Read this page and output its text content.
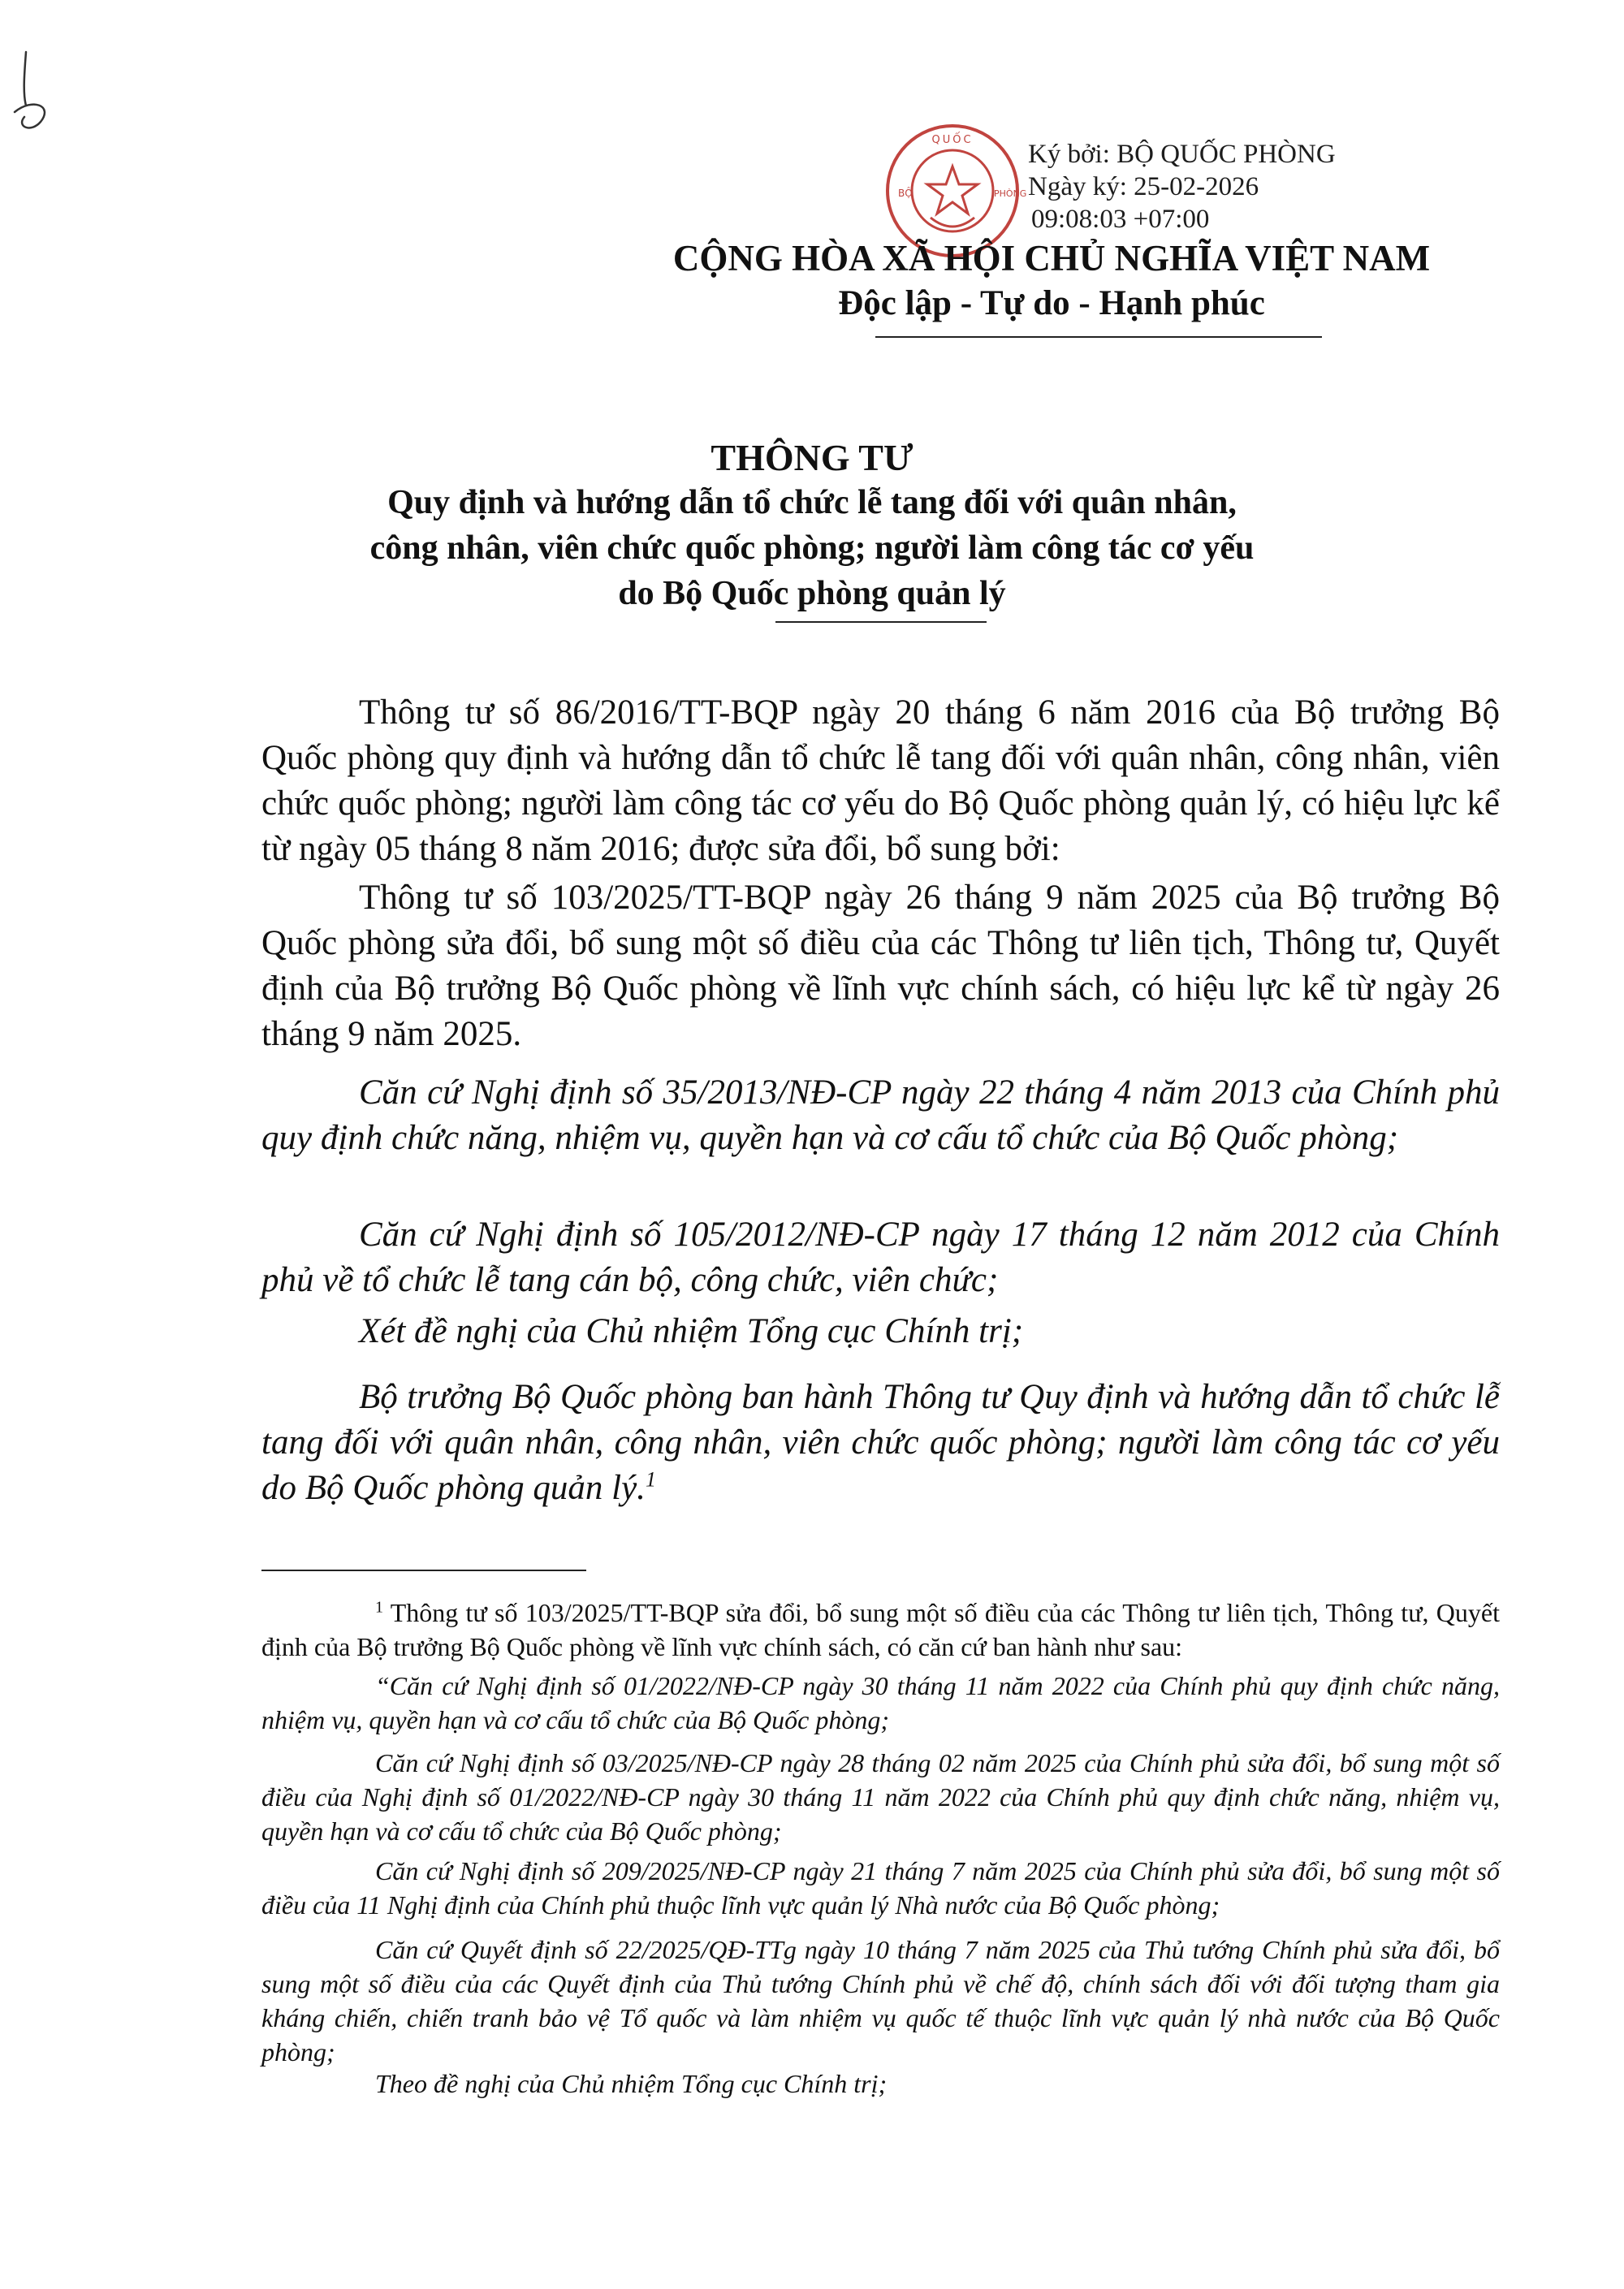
QUỐC
BỘ	PHÒNG
Ký bởi: BỘ QUỐC PHÒNG
Ngày ký: 25-02-2026
09:08:03 +07:00
CỘNG HÒA XÃ HỘI CHỦ NGHĨA VIỆT NAM
Độc lập - Tự do - Hạnh phúc
THÔNG TƯ
Quy định và hướng dẫn tổ chức lễ tang đối với quân nhân,
công nhân, viên chức quốc phòng; người làm công tác cơ yếu
do Bộ Quốc phòng quản lý

Thông tư số 86/2016/TT-BQP ngày 20 tháng 6 năm 2016 của Bộ trưởng Bộ Quốc phòng quy định và hướng dẫn tổ chức lễ tang đối với quân nhân, công nhân, viên chức quốc phòng; người làm công tác cơ yếu do Bộ Quốc phòng quản lý, có hiệu lực kể từ ngày 05 tháng 8 năm 2016; được sửa đổi, bổ sung bởi:

Thông tư số 103/2025/TT-BQP ngày 26 tháng 9 năm 2025 của Bộ trưởng Bộ Quốc phòng sửa đổi, bổ sung một số điều của các Thông tư liên tịch, Thông tư, Quyết định của Bộ trưởng Bộ Quốc phòng về lĩnh vực chính sách, có hiệu lực kể từ ngày 26 tháng 9 năm 2025.

Căn cứ Nghị định số 35/2013/NĐ-CP ngày 22 tháng 4 năm 2013 của Chính phủ quy định chức năng, nhiệm vụ, quyền hạn và cơ cấu tổ chức của Bộ Quốc phòng;

Căn cứ Nghị định số 105/2012/NĐ-CP ngày 17 tháng 12 năm 2012 của Chính phủ về tổ chức lễ tang cán bộ, công chức, viên chức;

Xét đề nghị của Chủ nhiệm Tổng cục Chính trị;

Bộ trưởng Bộ Quốc phòng ban hành Thông tư Quy định và hướng dẫn tổ chức lễ tang đối với quân nhân, công nhân, viên chức quốc phòng; người làm công tác cơ yếu do Bộ Quốc phòng quản lý.$^1$

$^1$ Thông tư số 103/2025/TT-BQP sửa đổi, bổ sung một số điều của các Thông tư liên tịch, Thông tư, Quyết định của Bộ trưởng Bộ Quốc phòng về lĩnh vực chính sách, có căn cứ ban hành như sau:

“Căn cứ Nghị định số 01/2022/NĐ-CP ngày 30 tháng 11 năm 2022 của Chính phủ quy định chức năng, nhiệm vụ, quyền hạn và cơ cấu tổ chức của Bộ Quốc phòng;

Căn cứ Nghị định số 03/2025/NĐ-CP ngày 28 tháng 02 năm 2025 của Chính phủ sửa đổi, bổ sung một số điều của Nghị định số 01/2022/NĐ-CP ngày 30 tháng 11 năm 2022 của Chính phủ quy định chức năng, nhiệm vụ, quyền hạn và cơ cấu tổ chức của Bộ Quốc phòng;

Căn cứ Nghị định số 209/2025/NĐ-CP ngày 21 tháng 7 năm 2025 của Chính phủ sửa đổi, bổ sung một số điều của 11 Nghị định của Chính phủ thuộc lĩnh vực quản lý Nhà nước của Bộ Quốc phòng;

Căn cứ Quyết định số 22/2025/QĐ-TTg ngày 10 tháng 7 năm 2025 của Thủ tướng Chính phủ sửa đổi, bổ sung một số điều của các Quyết định của Thủ tướng Chính phủ về chế độ, chính sách đối với đối tượng tham gia kháng chiến, chiến tranh bảo vệ Tổ quốc và làm nhiệm vụ quốc tế thuộc lĩnh vực quản lý nhà nước của Bộ Quốc phòng;

Theo đề nghị của Chủ nhiệm Tổng cục Chính trị;
